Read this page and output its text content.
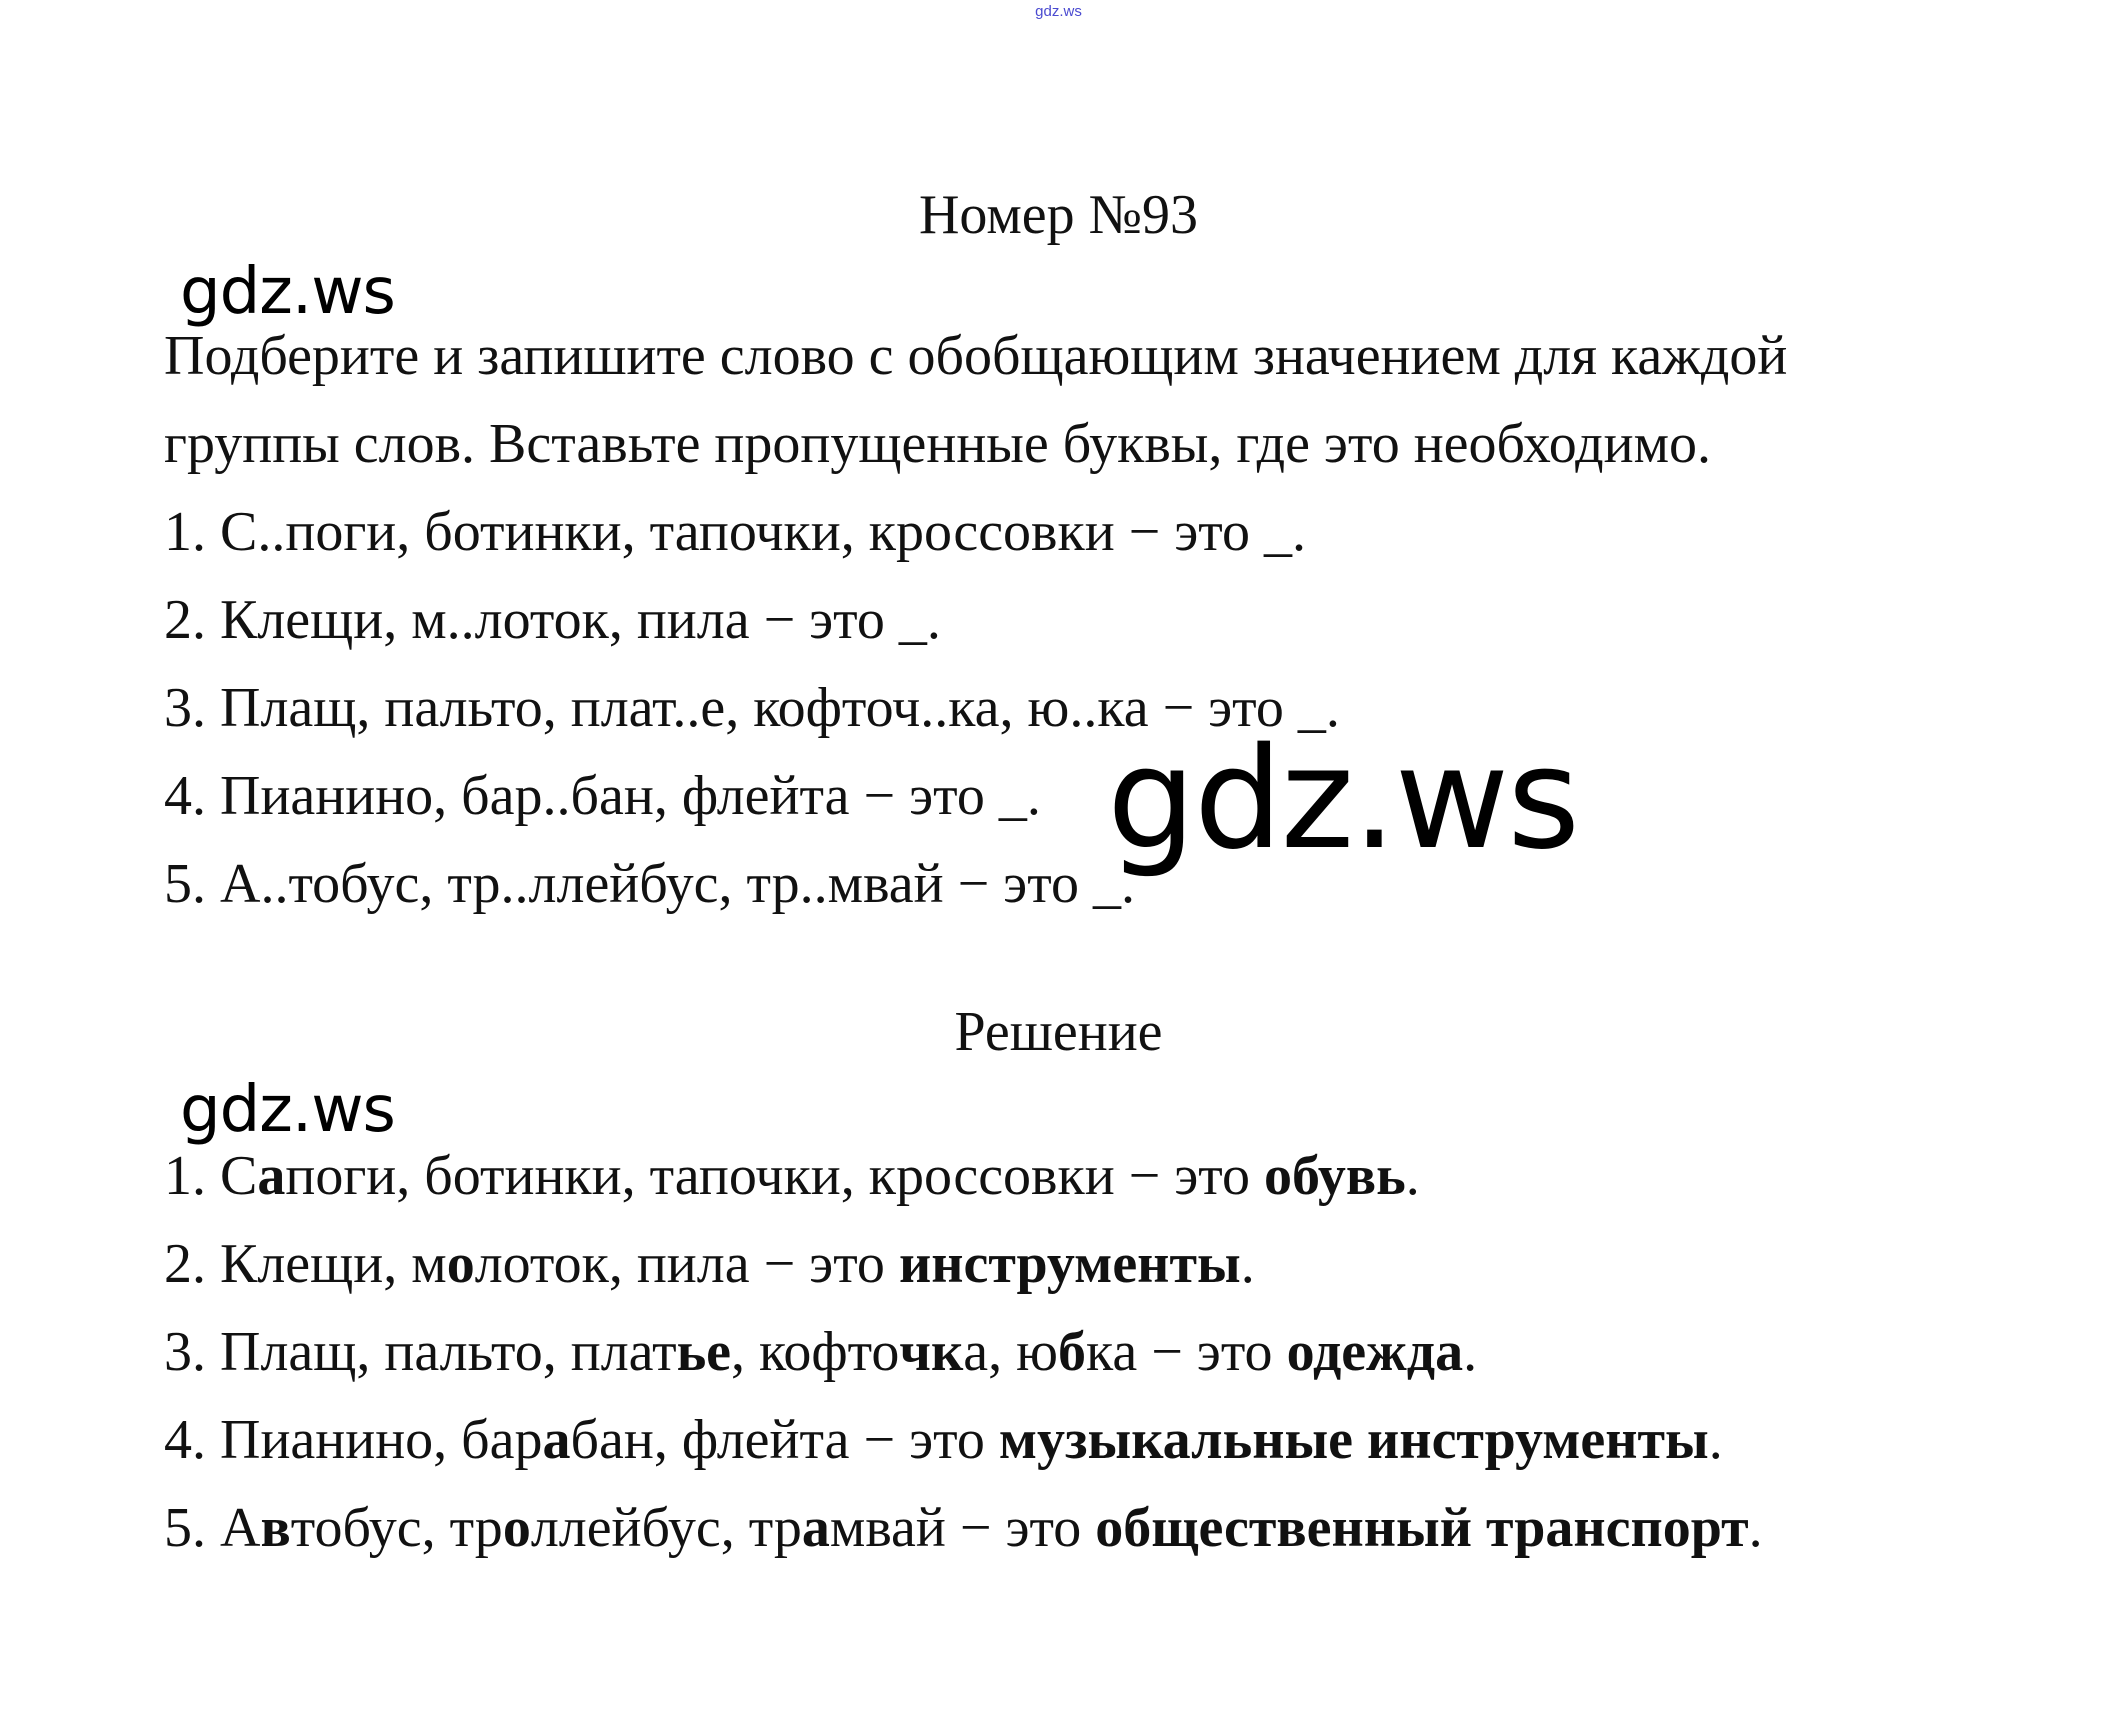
gdz.ws
Номер №93
gdz.ws

Подберите и запишите слово с обобщающим значением для каждой

группы слов. Вставьте пропущенные буквы, где это необходимо.

1. С..поги, ботинки, тапочки, кроссовки − это _.

2. Клещи, м..лоток, пила − это _.

3. Плащ, пальто, плат..е, кофточ..ка, ю..ка − это _.

4. Пианино, бар..бан, флейта − это _.

5. А..тобус, тр..ллейбус, тр..мвай − это _.

gdz.ws
Решение
gdz.ws

1. Сапоги, ботинки, тапочки, кроссовки − это обувь.

2. Клещи, молоток, пила − это инструменты.

3. Плащ, пальто, платье, кофточка, юбка − это одежда.

4. Пианино, барабан, флейта − это музыкальные инструменты.

5. Автобус, троллейбус, трамвай − это общественный транспорт.
